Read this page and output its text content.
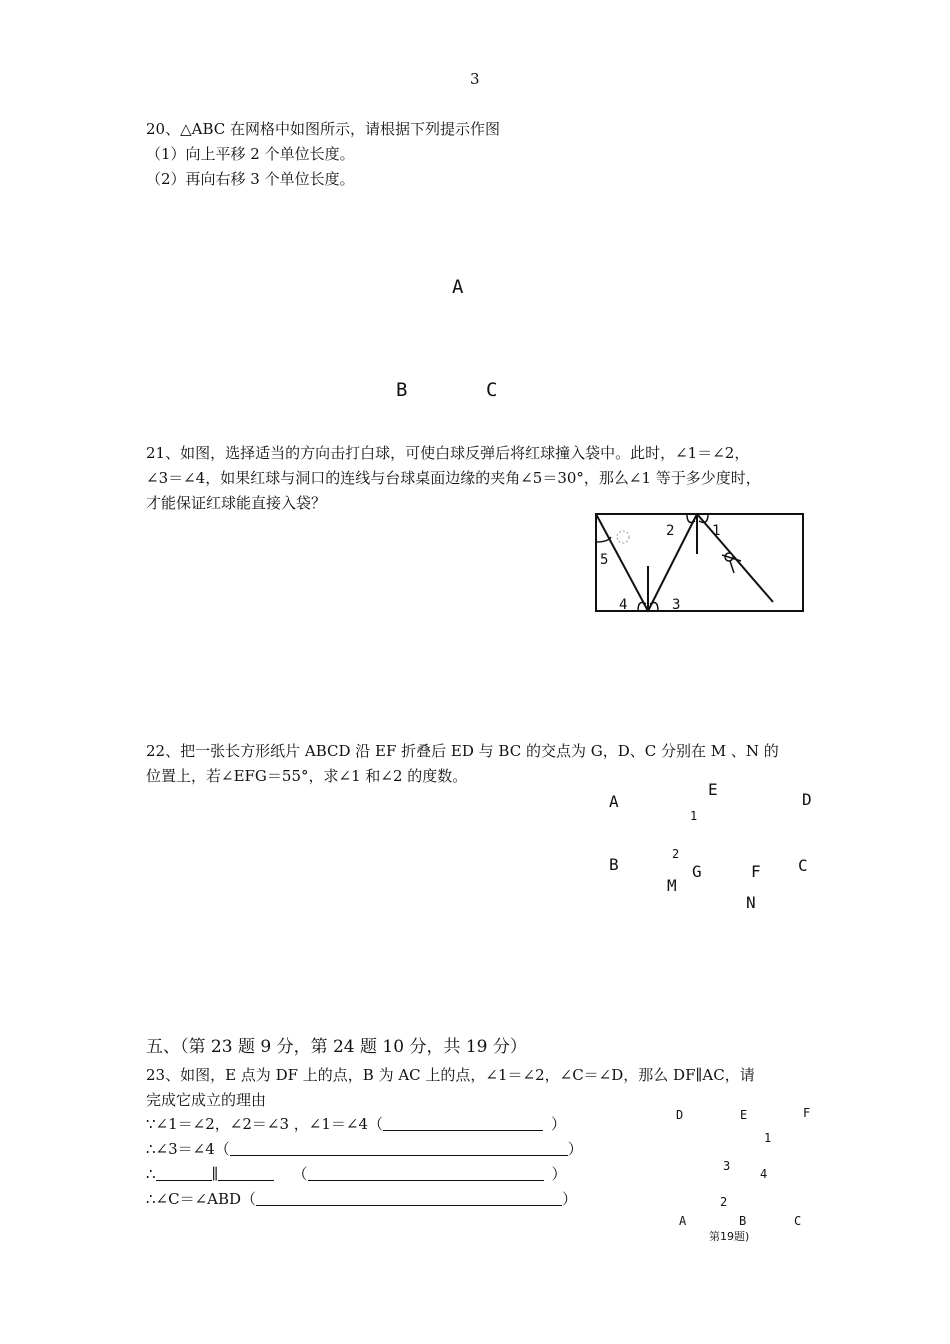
3
20、△ABC 在网格中如图所示，请根据下列提示作图
（1）向上平移 2 个单位长度。
（2）再向右移 3 个单位长度。
A
B	C
21、如图，选择适当的方向击打白球，可使白球反弹后将红球撞入袋中。此时，∠1＝∠2，
∠3＝∠4，如果红球与洞口的连线与台球桌面边缘的夹角∠5＝30°，那么∠1 等于多少度时，
才能保证红球能直接入袋？
2	1
5
4	3
22、把一张长方形纸片 ABCD 沿 EF 折叠后 ED 与 BC 的交点为 G，D、C 分别在 M 、N 的
位置上，若∠EFG＝55°，求∠1 和∠2 的度数。
A
E
D
1
2
B	G	F C
M
N
五、（第 23 题 9 分，第 24 题 10 分，共 19 分）
23、如图，E 点为 DF 上的点，B 为 AC 上的点，∠1＝∠2，∠C＝∠D，那么 DF∥AC，请
完成它成立的理由
∵∠1＝∠2，∠2＝∠3 ，∠1＝∠4（	）
∴∠3＝∠4（	）
∴	∥	（	）
∴∠C＝∠ABD（	）
D	E	F
1
3
4
2
A	B	C
第19题)
